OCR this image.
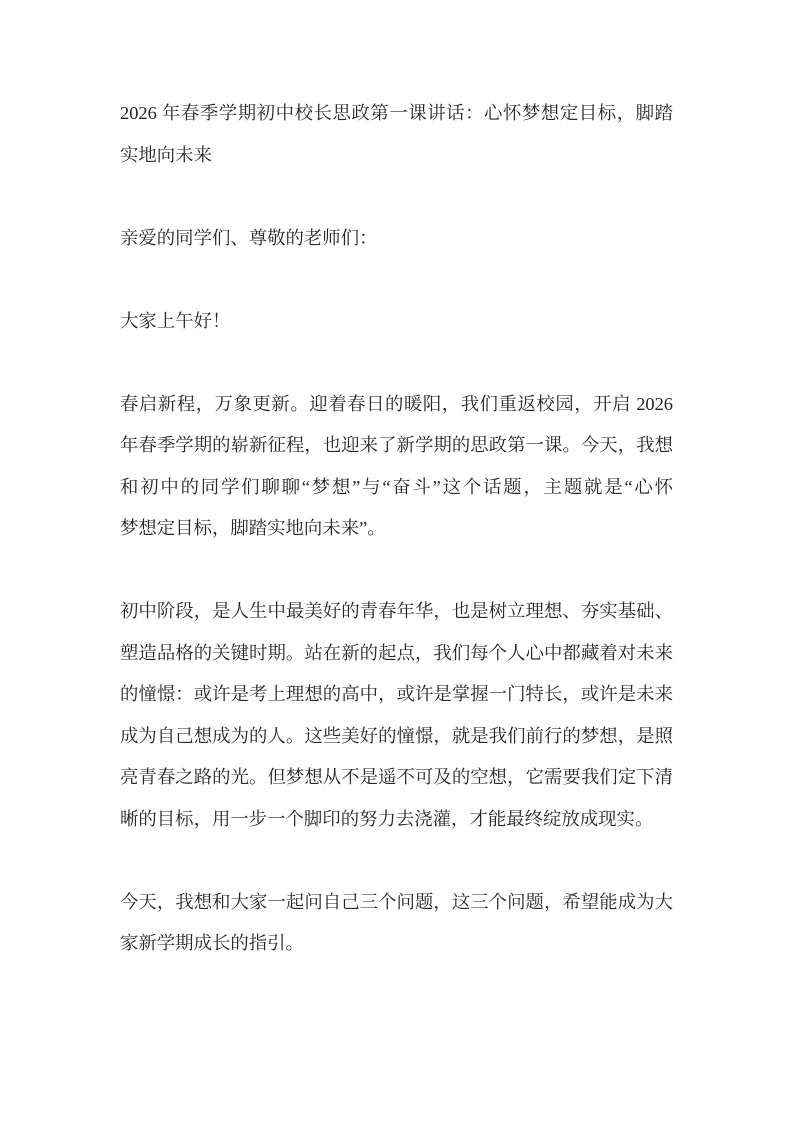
2026 年春季学期初中校长思政第一课讲话：心怀梦想定目标，脚踏
实地向未来

亲爱的同学们、尊敬的老师们：

大家上午好！

春启新程，万象更新。迎着春日的暖阳，我们重返校园，开启 2026
年春季学期的崭新征程，也迎来了新学期的思政第一课。今天，我想
和初中的同学们聊聊“梦想”与“奋斗”这个话题，主题就是“心怀
梦想定目标，脚踏实地向未来”。

初中阶段，是人生中最美好的青春年华，也是树立理想、夯实基础、
塑造品格的关键时期。站在新的起点，我们每个人心中都藏着对未来
的憧憬：或许是考上理想的高中，或许是掌握一门特长，或许是未来
成为自己想成为的人。这些美好的憧憬，就是我们前行的梦想，是照
亮青春之路的光。但梦想从不是遥不可及的空想，它需要我们定下清
晰的目标，用一步一个脚印的努力去浇灌，才能最终绽放成现实。

今天，我想和大家一起问自己三个问题，这三个问题，希望能成为大
家新学期成长的指引。
